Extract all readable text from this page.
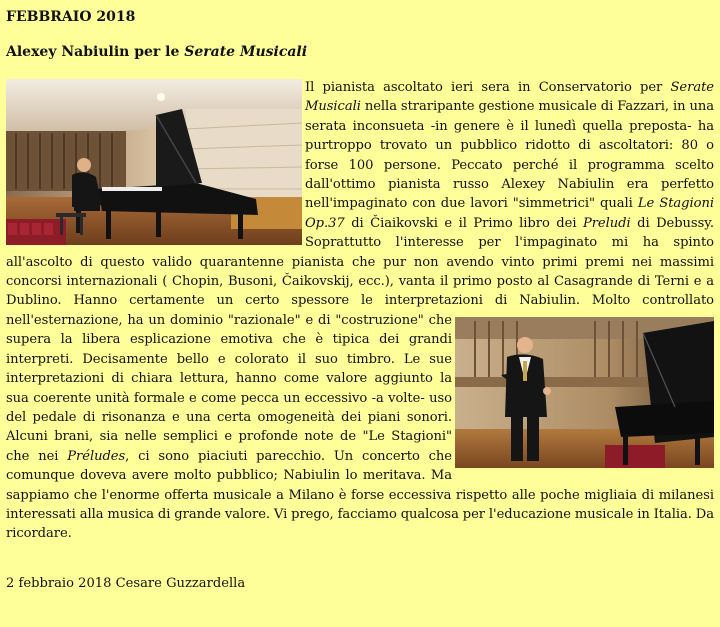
FEBBRAIO 2018

Alexey Nabiulin per le Serate Musicali

Il pianista ascoltato ieri sera in Conservatorio per Serate Musicali nella straripante gestione musicale di Fazzari, in una serata inconsueta -in genere è il lunedì quella preposta- ha purtroppo trovato un pubblico ridotto di ascoltatori: 80 o forse 100 persone. Peccato perché il programma scelto dall'ottimo pianista russo Alexey Nabiulin era perfetto nell'impaginato con due lavori "simmetrici" quali Le Stagioni Op.37 di Čiaikovski e il Primo libro dei Preludi di Debussy. Soprattutto l'interesse per l'impaginato mi ha spinto all'ascolto di questo valido quarantenne pianista che pur non avendo vinto primi premi nei massimi concorsi internazionali ( Chopin, Busoni, Čaikovskij, ecc.), vanta il primo posto al Casagrande di Terni e a Dublino. Hanno certamente un certo spessore le interpretazioni di Nabiulin.
Molto controllato nell'esternazione, ha un dominio "razionale" e di "costruzione" che supera la libera esplicazione emotiva che è tipica dei grandi interpreti. Decisamente bello e colorato il suo timbro. Le sue interpretazioni di chiara lettura, hanno come valore aggiunto la sua coerente unità formale e come pecca un eccessivo -a volte- uso del pedale di risonanza e una certa omogeneità dei piani sonori. Alcuni brani, sia nelle semplici e profonde note de "Le Stagioni" che nei Préludes, ci sono piaciuti parecchio. Un concerto che comunque doveva avere molto pubblico; Nabiulin lo meritava. Ma sappiamo che l'enorme offerta musicale a Milano è forse eccessiva rispetto alle poche migliaia di milanesi interessati alla musica di grande valore. Vi prego, facciamo qualcosa per l'educazione musicale in Italia. Da ricordare.

2 febbraio 2018 Cesare Guzzardella
